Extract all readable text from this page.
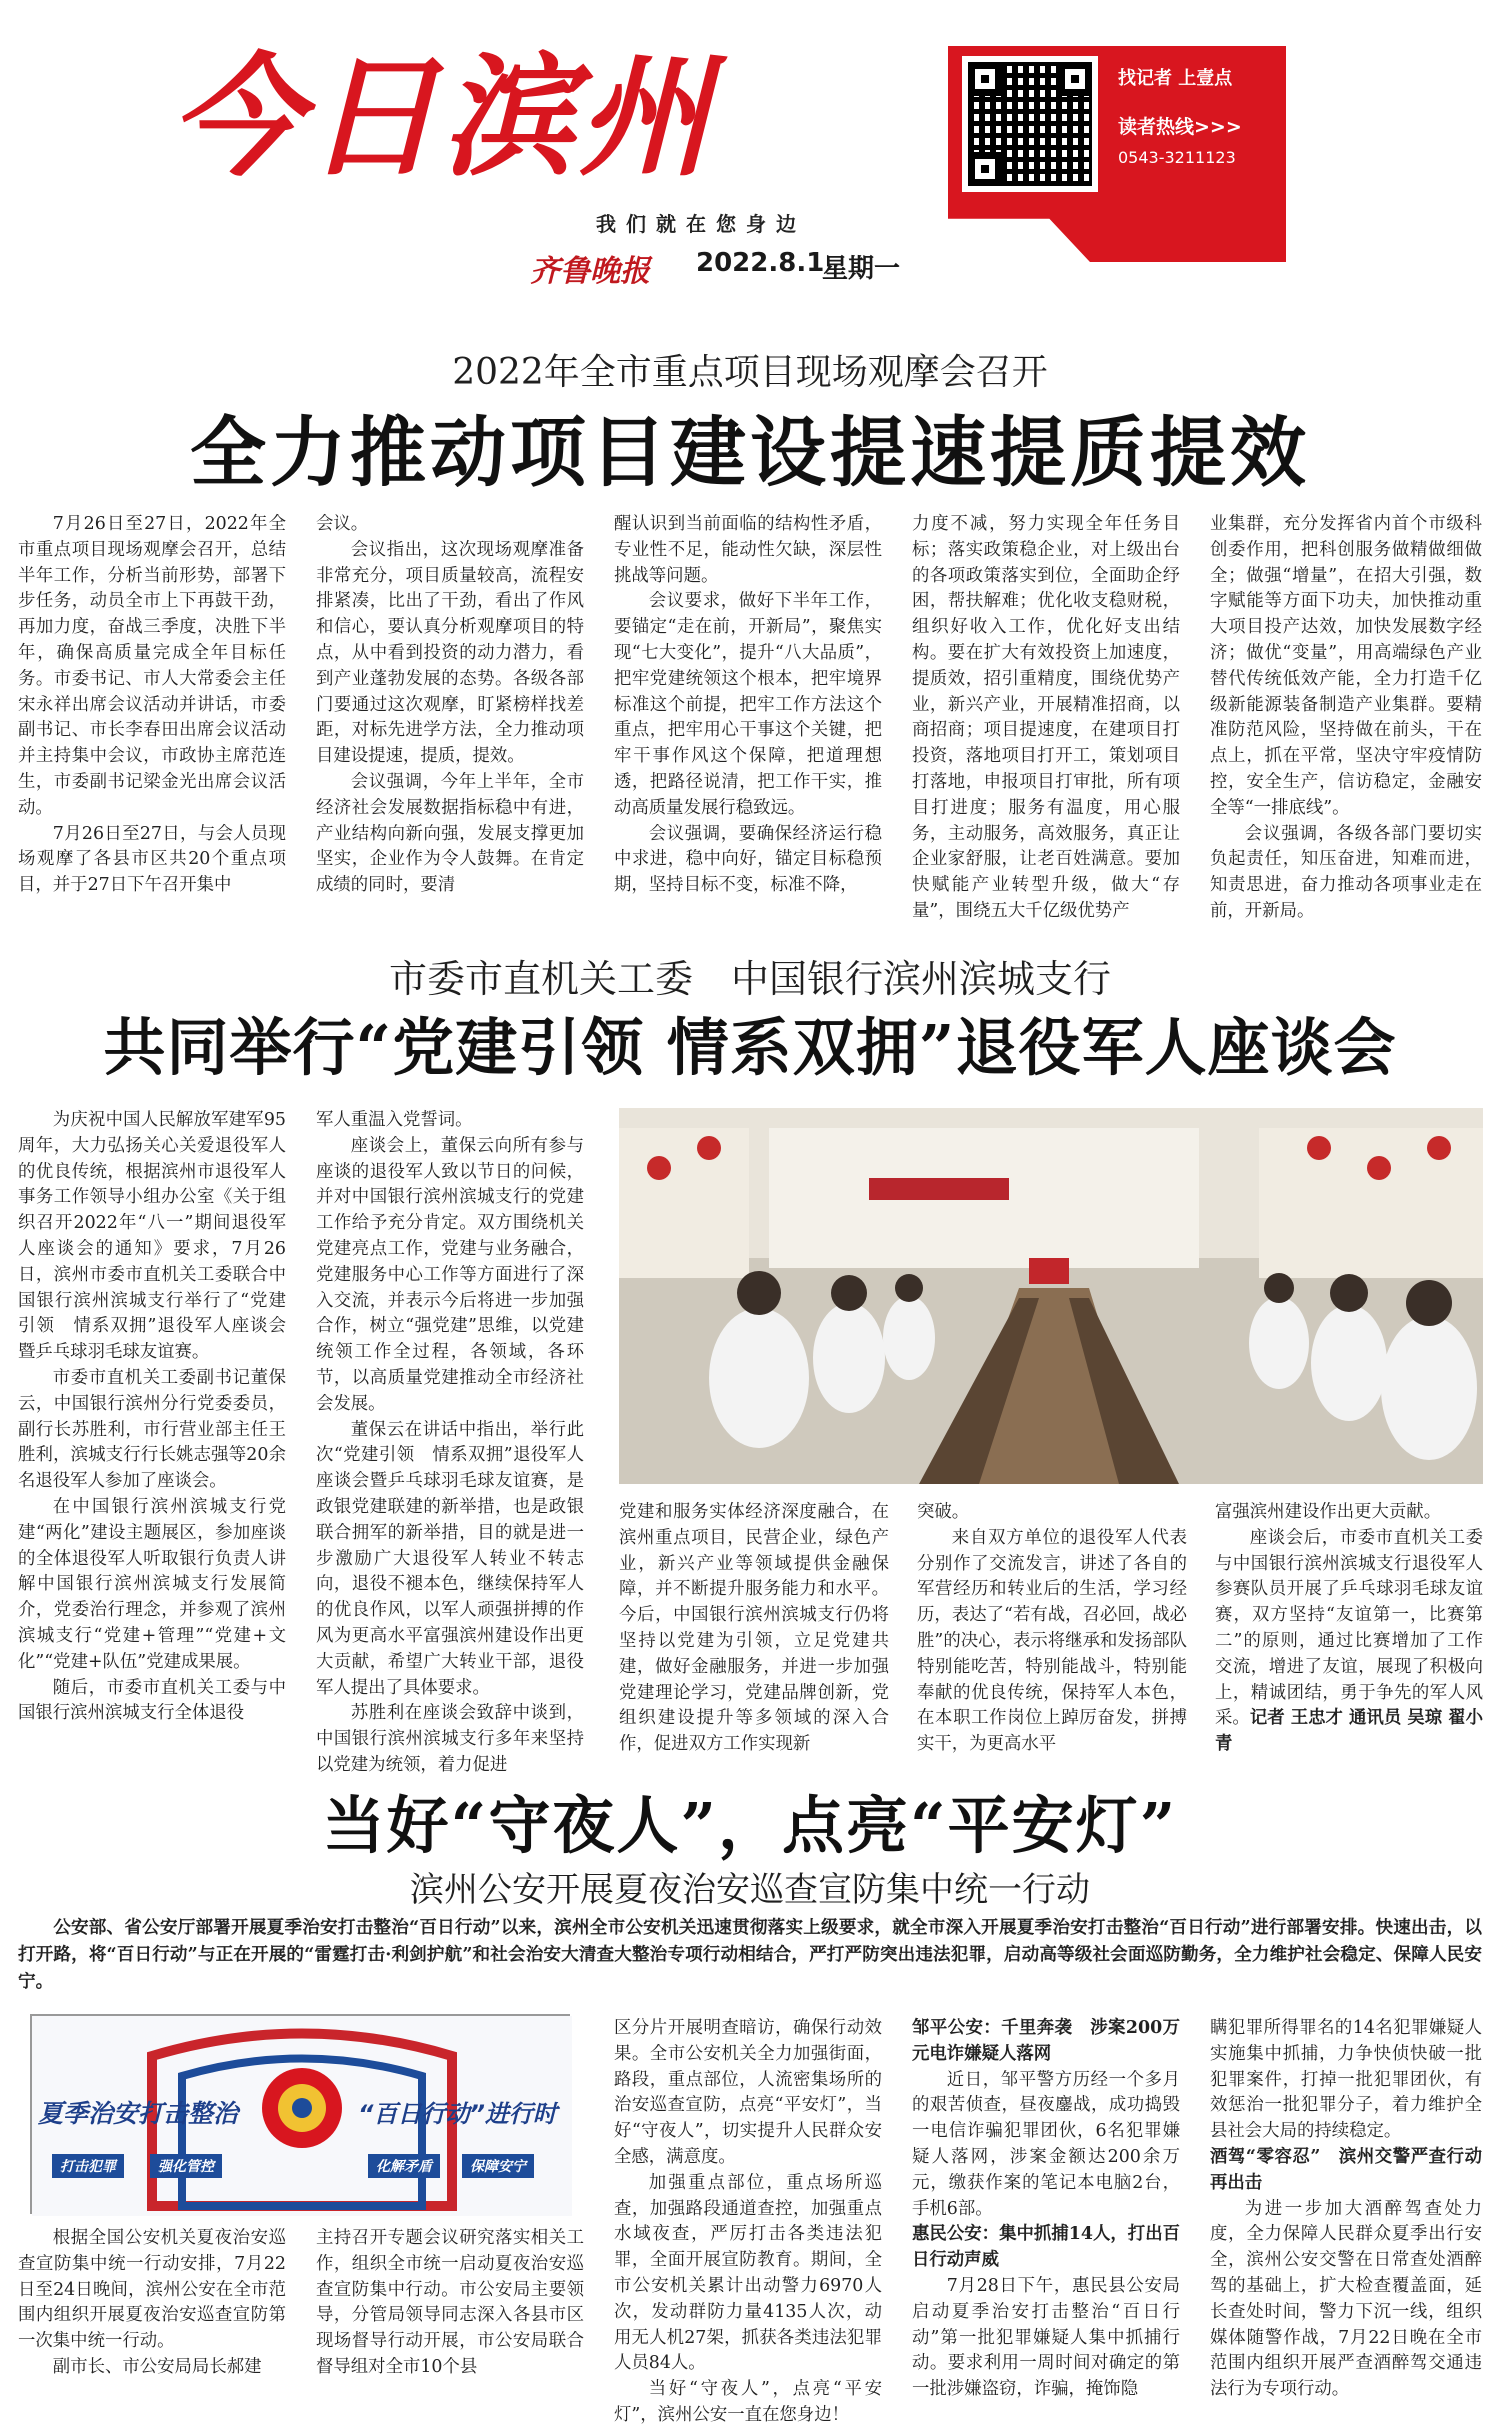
今日滨州
我们就在您身边
齐鲁晚报 2022.8.1
星期一
找记者 上壹点
读者热线>>>
0543-3211123
2022年全市重点项目现场观摩会召开
全力推动项目建设提速提质提效

7月26日至27日，2022年全市重点项目现场观摩会召开，总结半年工作，分析当前形势，部署下步任务，动员全市上下再鼓干劲，再加力度，奋战三季度，决胜下半年，确保高质量完成全年目标任务。市委书记、市人大常委会主任宋永祥出席会议活动并讲话，市委副书记、市长李春田出席会议活动并主持集中会议，市政协主席范连生，市委副书记梁金光出席会议活动。

7月26日至27日，与会人员现场观摩了各县市区共20个重点项目，并于27日下午召开集中

会议。

会议指出，这次现场观摩准备非常充分，项目质量较高，流程安排紧凑，比出了干劲，看出了作风和信心，要认真分析观摩项目的特点，从中看到投资的动力潜力，看到产业蓬勃发展的态势。各级各部门要通过这次观摩，盯紧榜样找差距，对标先进学方法，全力推动项目建设提速，提质，提效。

会议强调，今年上半年，全市经济社会发展数据指标稳中有进，产业结构向新向强，发展支撑更加坚实，企业作为令人鼓舞。在肯定成绩的同时，要清

醒认识到当前面临的结构性矛盾，专业性不足，能动性欠缺，深层性挑战等问题。

会议要求，做好下半年工作，要锚定“走在前，开新局”，聚焦实现“七大变化”，提升“八大品质”，把牢党建统领这个根本，把牢境界标准这个前提，把牢工作方法这个重点，把牢用心干事这个关键，把牢干事作风这个保障，把道理想透，把路径说清，把工作干实，推动高质量发展行稳致远。

会议强调，要确保经济运行稳中求进，稳中向好，锚定目标稳预期，坚持目标不变，标准不降，

力度不减，努力实现全年任务目标；落实政策稳企业，对上级出台的各项政策落实到位，全面助企纾困，帮扶解难；优化收支稳财税，组织好收入工作，优化好支出结构。要在扩大有效投资上加速度，提质效，招引重精度，围绕优势产业，新兴产业，开展精准招商，以商招商；项目提速度，在建项目打投资，落地项目打开工，策划项目打落地，申报项目打审批，所有项目打进度；服务有温度，用心服务，主动服务，高效服务，真正让企业家舒服，让老百姓满意。要加快赋能产业转型升级，做大“存量”，围绕五大千亿级优势产

业集群，充分发挥省内首个市级科创委作用，把科创服务做精做细做全；做强“增量”，在招大引强，数字赋能等方面下功夫，加快推动重大项目投产达效，加快发展数字经济；做优“变量”，用高端绿色产业替代传统低效产能，全力打造千亿级新能源装备制造产业集群。要精准防范风险，坚持做在前头，干在点上，抓在平常，坚决守牢疫情防控，安全生产，信访稳定，金融安全等“一排底线”。

会议强调，各级各部门要切实负起责任，知压奋进，知难而进，知责思进，奋力推动各项事业走在前，开新局。

市委市直机关工委　中国银行滨州滨城支行
共同举行“党建引领 情系双拥”退役军人座谈会

为庆祝中国人民解放军建军95周年，大力弘扬关心关爱退役军人的优良传统，根据滨州市退役军人事务工作领导小组办公室《关于组织召开2022年“八一”期间退役军人座谈会的通知》要求，7月26日，滨州市委市直机关工委联合中国银行滨州滨城支行举行了“党建引领　情系双拥”退役军人座谈会暨乒乓球羽毛球友谊赛。

市委市直机关工委副书记董保云，中国银行滨州分行党委委员，副行长苏胜利，市行营业部主任王胜利，滨城支行行长姚志强等20余名退役军人参加了座谈会。

在中国银行滨州滨城支行党建“两化”建设主题展区，参加座谈的全体退役军人听取银行负责人讲解中国银行滨州滨城支行发展简介，党委治行理念，并参观了滨州滨城支行“党建+管理”“党建+文化”“党建+队伍”党建成果展。

随后，市委市直机关工委与中国银行滨州滨城支行全体退役

军人重温入党誓词。

座谈会上，董保云向所有参与座谈的退役军人致以节日的问候，并对中国银行滨州滨城支行的党建工作给予充分肯定。双方围绕机关党建亮点工作，党建与业务融合，党建服务中心工作等方面进行了深入交流，并表示今后将进一步加强合作，树立“强党建”思维，以党建统领工作全过程，各领域，各环节，以高质量党建推动全市经济社会发展。

董保云在讲话中指出，举行此次“党建引领　情系双拥”退役军人座谈会暨乒乓球羽毛球友谊赛，是政银党建联建的新举措，也是政银联合拥军的新举措，目的就是进一步激励广大退役军人转业不转志向，退役不褪本色，继续保持军人的优良作风，以军人顽强拼搏的作风为更高水平富强滨州建设作出更大贡献，希望广大转业干部，退役军人提出了具体要求。

苏胜利在座谈会致辞中谈到，中国银行滨州滨城支行多年来坚持以党建为统领，着力促进

党建和服务实体经济深度融合，在滨州重点项目，民营企业，绿色产业，新兴产业等领域提供金融保障，并不断提升服务能力和水平。今后，中国银行滨州滨城支行仍将坚持以党建为引领，立足党建共建，做好金融服务，并进一步加强党建理论学习，党建品牌创新，党组织建设提升等多领域的深入合作，促进双方工作实现新

突破。

来自双方单位的退役军人代表分别作了交流发言，讲述了各自的军营经历和转业后的生活，学习经历，表达了“若有战，召必回，战必胜”的决心，表示将继承和发扬部队特别能吃苦，特别能战斗，特别能奉献的优良传统，保持军人本色，在本职工作岗位上踔厉奋发，拼搏实干，为更高水平

富强滨州建设作出更大贡献。

座谈会后，市委市直机关工委与中国银行滨州滨城支行退役军人参赛队员开展了乒乓球羽毛球友谊赛，双方坚持“友谊第一，比赛第二”的原则，通过比赛增加了工作交流，增进了友谊，展现了积极向上，精诚团结，勇于争先的军人风采。记者 王忠才 通讯员 吴琼 翟小青

当好“守夜人”，点亮“平安灯”
滨州公安开展夏夜治安巡查宣防集中统一行动

公安部、省公安厅部署开展夏季治安打击整治“百日行动”以来，滨州全市公安机关迅速贯彻落实上级要求，就全市深入开展夏季治安打击整治“百日行动”进行部署安排。快速出击，以打开路，将“百日行动”与正在开展的“雷霆打击·利剑护航”和社会治安大清查大整治专项行动相结合，严打严防突出违法犯罪，启动高等级社会面巡防勤务，全力维护社会稳定、保障人民安宁。

夏季治安打击整治	“百日行动”进行时
打击犯罪	强化管控	化解矛盾	保障安宁

根据全国公安机关夏夜治安巡查宣防集中统一行动安排，7月22日至24日晚间，滨州公安在全市范围内组织开展夏夜治安巡查宣防第一次集中统一行动。

副市长、市公安局局长郝建

主持召开专题会议研究落实相关工作，组织全市统一启动夏夜治安巡查宣防集中行动。市公安局主要领导，分管局领导同志深入各县市区现场督导行动开展，市公安局联合督导组对全市10个县

区分片开展明查暗访，确保行动效果。全市公安机关全力加强街面，路段，重点部位，人流密集场所的治安巡查宣防，点亮“平安灯”，当好“守夜人”，切实提升人民群众安全感，满意度。

加强重点部位，重点场所巡查，加强路段通道查控，加强重点水域夜查，严厉打击各类违法犯罪，全面开展宣防教育。期间，全市公安机关累计出动警力6970人次，发动群防力量4135人次，动用无人机27架，抓获各类违法犯罪人员84人。

当好“守夜人”，点亮“平安灯”，滨州公安一直在您身边！

邹平公安：千里奔袭　涉案200万元电诈嫌疑人落网

近日，邹平警方历经一个多月的艰苦侦查，昼夜鏖战，成功捣毁一电信诈骗犯罪团伙，6名犯罪嫌疑人落网，涉案金额达200余万元，缴获作案的笔记本电脑2台，手机6部。

惠民公安：集中抓捕14人，打出百日行动声威

7月28日下午，惠民县公安局启动夏季治安打击整治“百日行动”第一批犯罪嫌疑人集中抓捕行动。要求利用一周时间对确定的第一批涉嫌盗窃，诈骗，掩饰隐

瞒犯罪所得罪名的14名犯罪嫌疑人实施集中抓捕，力争快侦快破一批犯罪案件，打掉一批犯罪团伙，有效惩治一批犯罪分子，着力维护全县社会大局的持续稳定。

酒驾“零容忍”　滨州交警严查行动再出击

为进一步加大酒醉驾查处力度，全力保障人民群众夏季出行安全，滨州公安交警在日常查处酒醉驾的基础上，扩大检查覆盖面，延长查处时间，警力下沉一线，组织媒体随警作战，7月22日晚在全市范围内组织开展严查酒醉驾交通违法行为专项行动。
